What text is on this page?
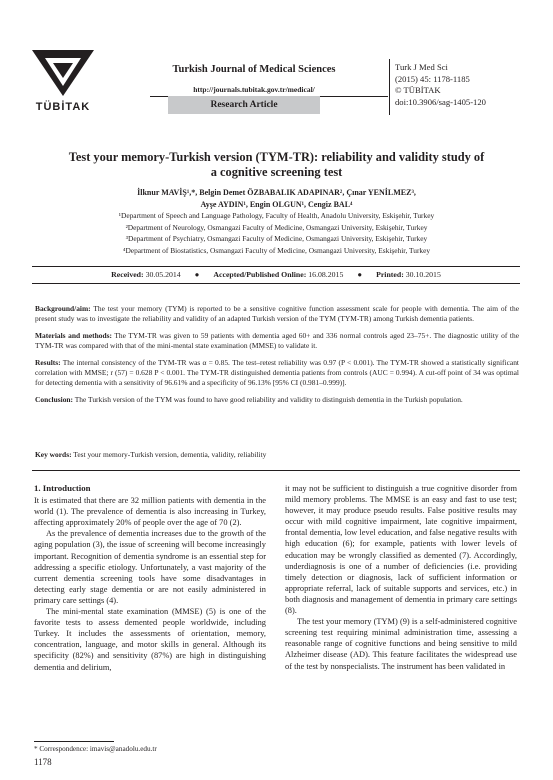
TÜBİTAK
Turkish Journal of Medical Sciences
http://journals.tubitak.gov.tr/medical/
Research Article
Turk J Med Sci
(2015) 45: 1178-1185
© TÜBİTAK
doi:10.3906/sag-1405-120
Test your memory-Turkish version (TYM-TR): reliability and validity study of
a cognitive screening test
İlknur MAVİŞ¹,*, Belgin Demet ÖZBABALIK ADAPINAR², Çınar YENİLMEZ³,
Ayşe AYDIN¹, Engin OLGUN¹, Cengiz BAL⁴
¹Department of Speech and Language Pathology, Faculty of Health, Anadolu University, Eskişehir, Turkey
²Department of Neurology, Osmangazi Faculty of Medicine, Osmangazi University, Eskişehir, Turkey
³Department of Psychiatry, Osmangazi Faculty of Medicine, Osmangazi University, Eskişehir, Turkey
⁴Department of Biostatistics, Osmangazi Faculty of Medicine, Osmangazi University, Eskişehir, Turkey
Received: 30.05.2014 ● Accepted/Published Online: 16.08.2015 ● Printed: 30.10.2015

Background/aim: The test your memory (TYM) is reported to be a sensitive cognitive function assessment scale for people with dementia. The aim of the present study was to investigate the reliability and validity of an adapted Turkish version of the TYM (TYM-TR) among Turkish dementia patients.

Materials and methods: The TYM-TR was given to 59 patients with dementia aged 60+ and 336 normal controls aged 23–75+. The diagnostic utility of the TYM-TR was compared with that of the mini-mental state examination (MMSE) to validate it.

Results: The internal consistency of the TYM-TR was α = 0.85. The test–retest reliability was 0.97 (P < 0.001). The TYM-TR showed a statistically significant correlation with MMSE; r (57) = 0.628 P < 0.001. The TYM-TR distinguished dementia patients from controls (AUC = 0.994). A cut-off point of 34 was optimal for detecting dementia with a sensitivity of 96.61% and a specificity of 96.13% [95% CI (0.981–0.999)].

Conclusion: The Turkish version of the TYM was found to have good reliability and validity to distinguish dementia in the Turkish population.

Key words: Test your memory-Turkish version, dementia, validity, reliability
1. Introduction

It is estimated that there are 32 million patients with dementia in the world (1). The prevalence of dementia is also increasing in Turkey, affecting approximately 20% of people over the age of 70 (2).

As the prevalence of dementia increases due to the growth of the aging population (3), the issue of screening will become increasingly important. Recognition of dementia syndrome is an essential step for addressing a specific etiology. Unfortunately, a vast majority of the current dementia screening tools have some disadvantages in detecting early stage dementia or are not easily administered in primary care settings (4).

The mini-mental state examination (MMSE) (5) is one of the favorite tests to assess demented people worldwide, including Turkey. It includes the assessments of orientation, memory, concentration, language, and motor skills in general. Although its specificity (82%) and sensitivity (87%) are high in distinguishing dementia and delirium,

it may not be sufficient to distinguish a true cognitive disorder from mild memory problems. The MMSE is an easy and fast to use test; however, it may produce pseudo results. False positive results may occur with mild cognitive impairment, late cognitive impairment, frontal dementia, low level education, and false negative results with high education (6); for example, patients with lower levels of education may be wrongly classified as demented (7). Accordingly, underdiagnosis is one of a number of deficiencies (i.e. providing timely detection or diagnosis, lack of sufficient information or appropriate referral, lack of suitable supports and services, etc.) in both diagnosis and management of dementia in primary care settings (8).

The test your memory (TYM) (9) is a self-administered cognitive screening test requiring minimal administration time, assessing a reasonable range of cognitive functions and being sensitive to mild Alzheimer disease (AD). This feature facilitates the widespread use of the test by nonspecialists. The instrument has been validated in

* Correspondence: imavis@anadolu.edu.tr
1178
